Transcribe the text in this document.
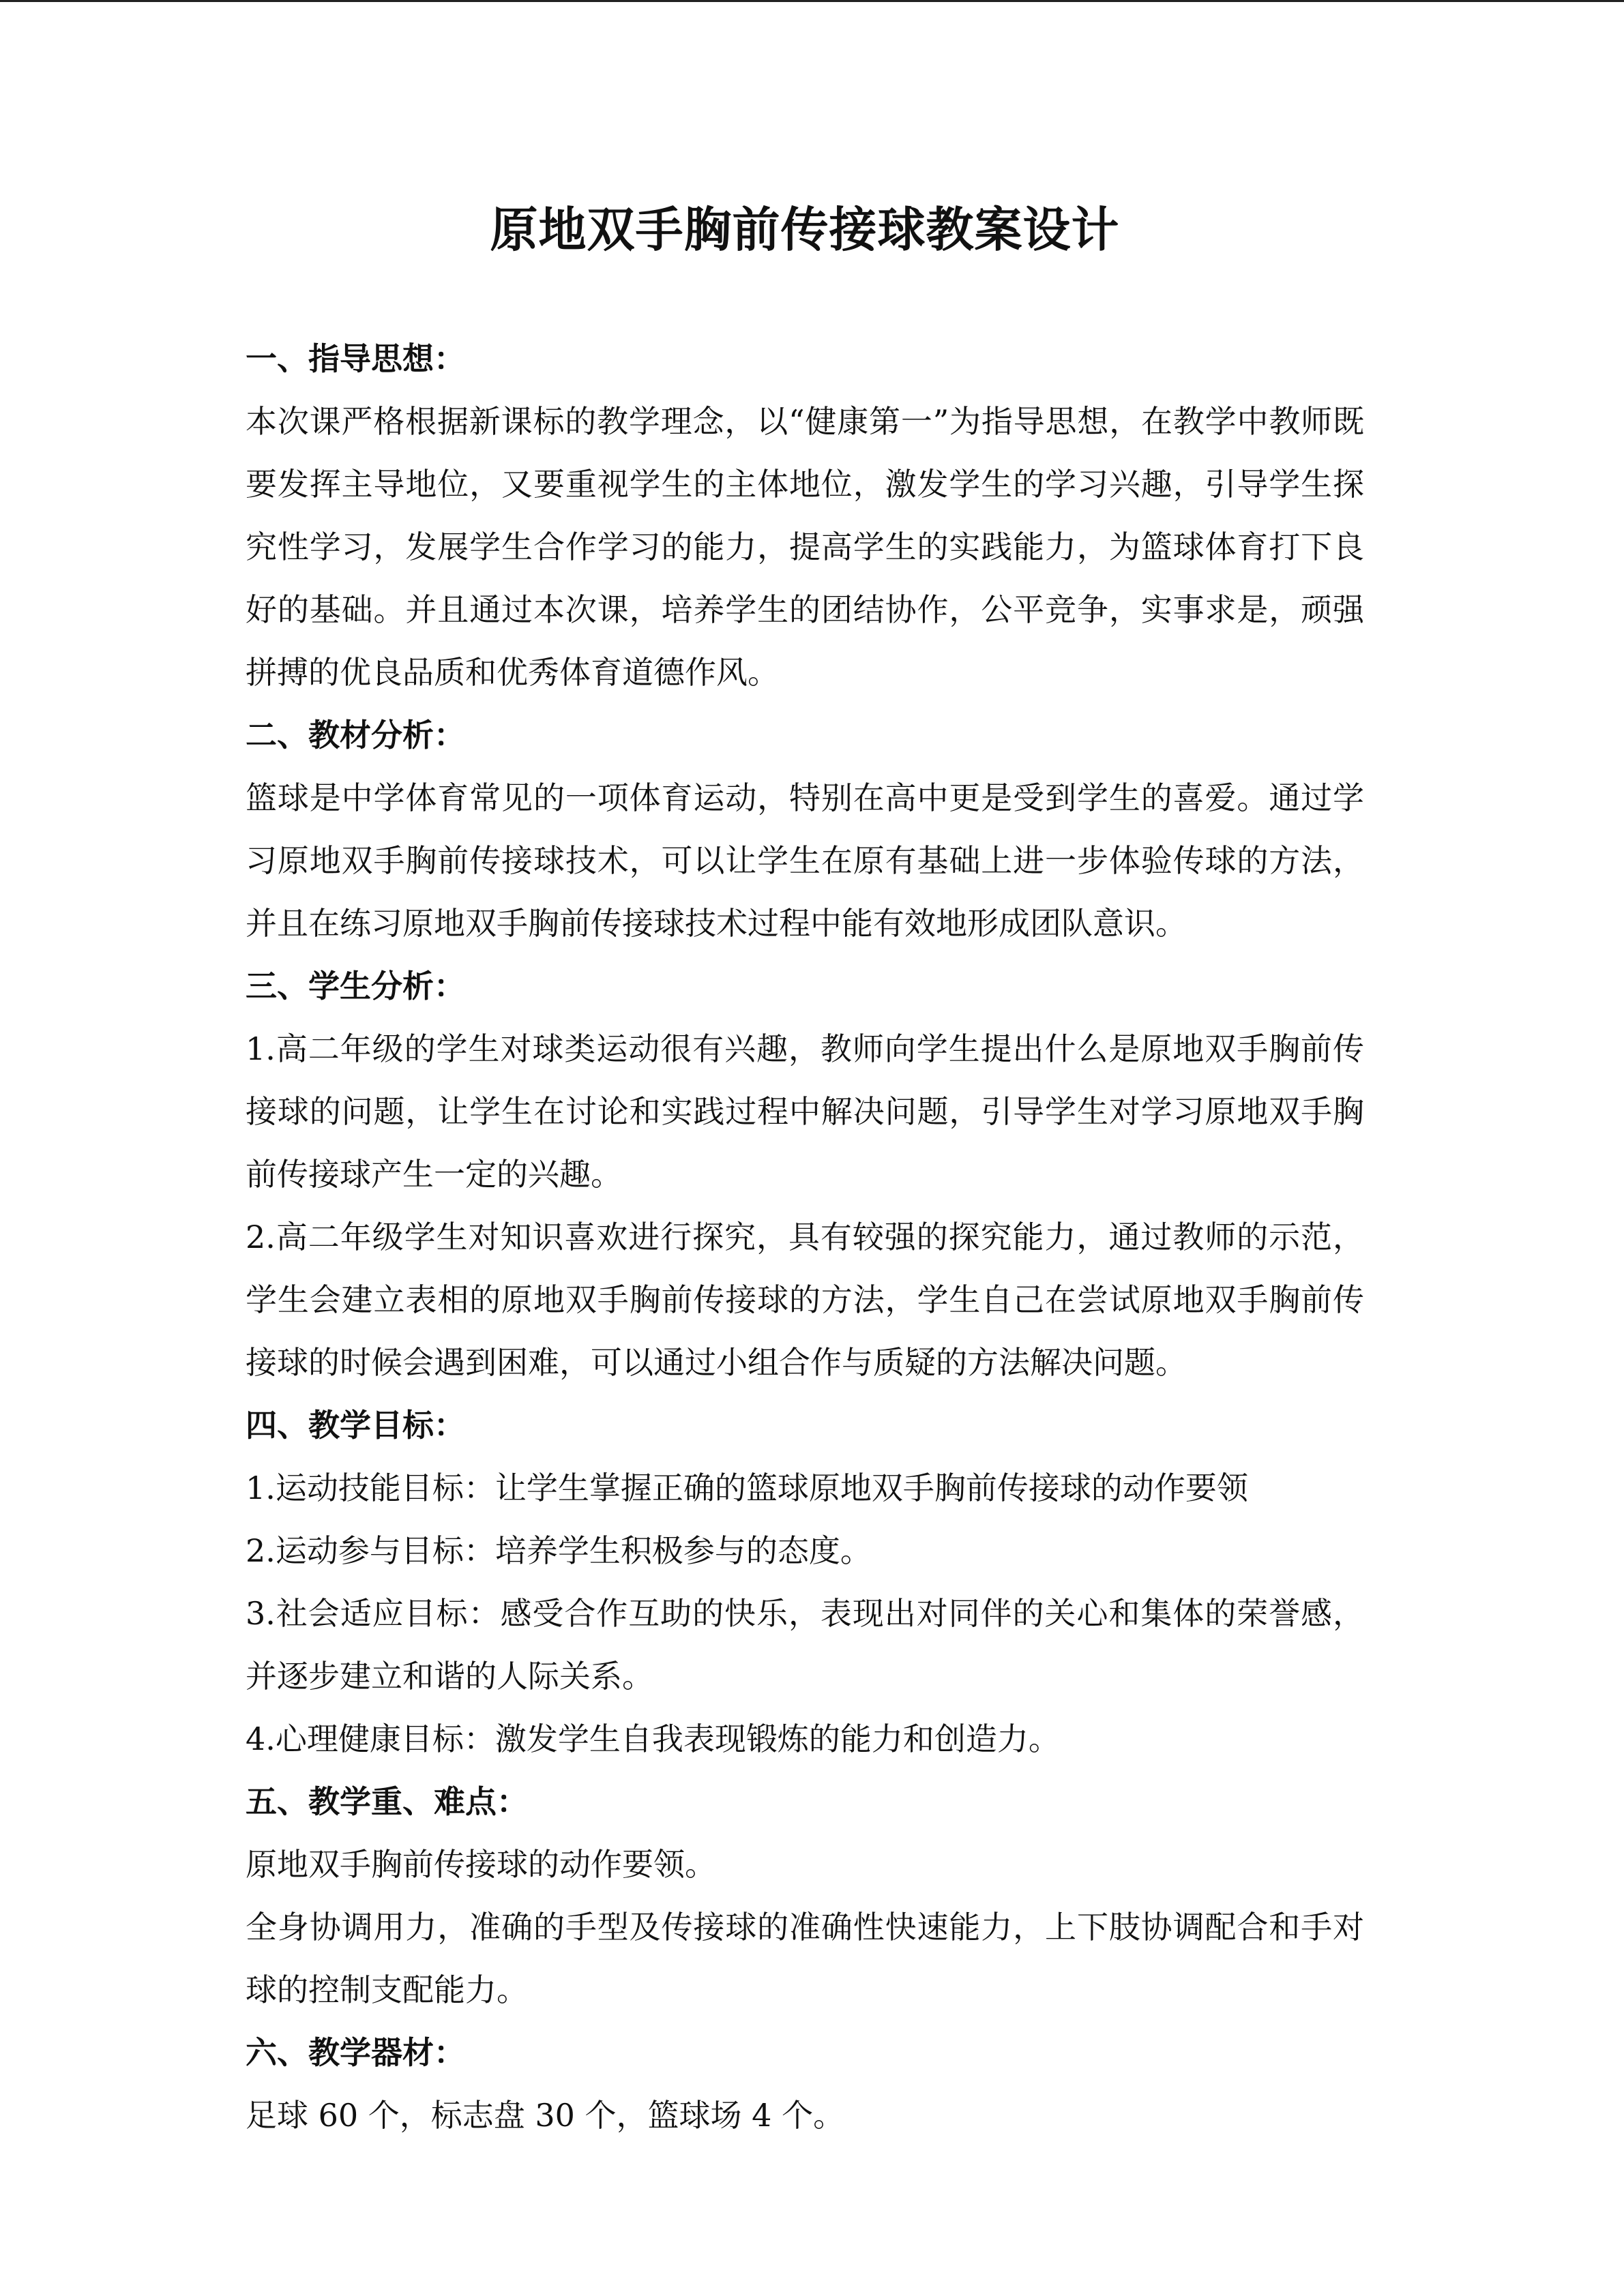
原地双手胸前传接球教案设计
一、指导思想：
本次课严格根据新课标的教学理念，以“健康第一”为指导思想，在教学中教师既要发挥主导地位，又要重视学生的主体地位，激发学生的学习兴趣，引导学生探究性学习，发展学生合作学习的能力，提高学生的实践能力，为篮球体育打下良好的基础。并且通过本次课，培养学生的团结协作，公平竞争，实事求是，顽强拼搏的优良品质和优秀体育道德作风。
二、教材分析：
篮球是中学体育常见的一项体育运动，特别在高中更是受到学生的喜爱。通过学习原地双手胸前传接球技术，可以让学生在原有基础上进一步体验传球的方法，并且在练习原地双手胸前传接球技术过程中能有效地形成团队意识。
三、学生分析：
1.高二年级的学生对球类运动很有兴趣，教师向学生提出什么是原地双手胸前传接球的问题，让学生在讨论和实践过程中解决问题，引导学生对学习原地双手胸前传接球产生一定的兴趣。
2.高二年级学生对知识喜欢进行探究，具有较强的探究能力，通过教师的示范，学生会建立表相的原地双手胸前传接球的方法，学生自己在尝试原地双手胸前传接球的时候会遇到困难，可以通过小组合作与质疑的方法解决问题。
四、教学目标：
1.运动技能目标：让学生掌握正确的篮球原地双手胸前传接球的动作要领
2.运动参与目标：培养学生积极参与的态度。
3.社会适应目标：感受合作互助的快乐，表现出对同伴的关心和集体的荣誉感，并逐步建立和谐的人际关系。
4.心理健康目标：激发学生自我表现锻炼的能力和创造力。
五、教学重、难点：
原地双手胸前传接球的动作要领。
全身协调用力，准确的手型及传接球的准确性快速能力，上下肢协调配合和手对球的控制支配能力。
六、教学器材：
足球 60 个，标志盘 30 个，篮球场 4 个。
